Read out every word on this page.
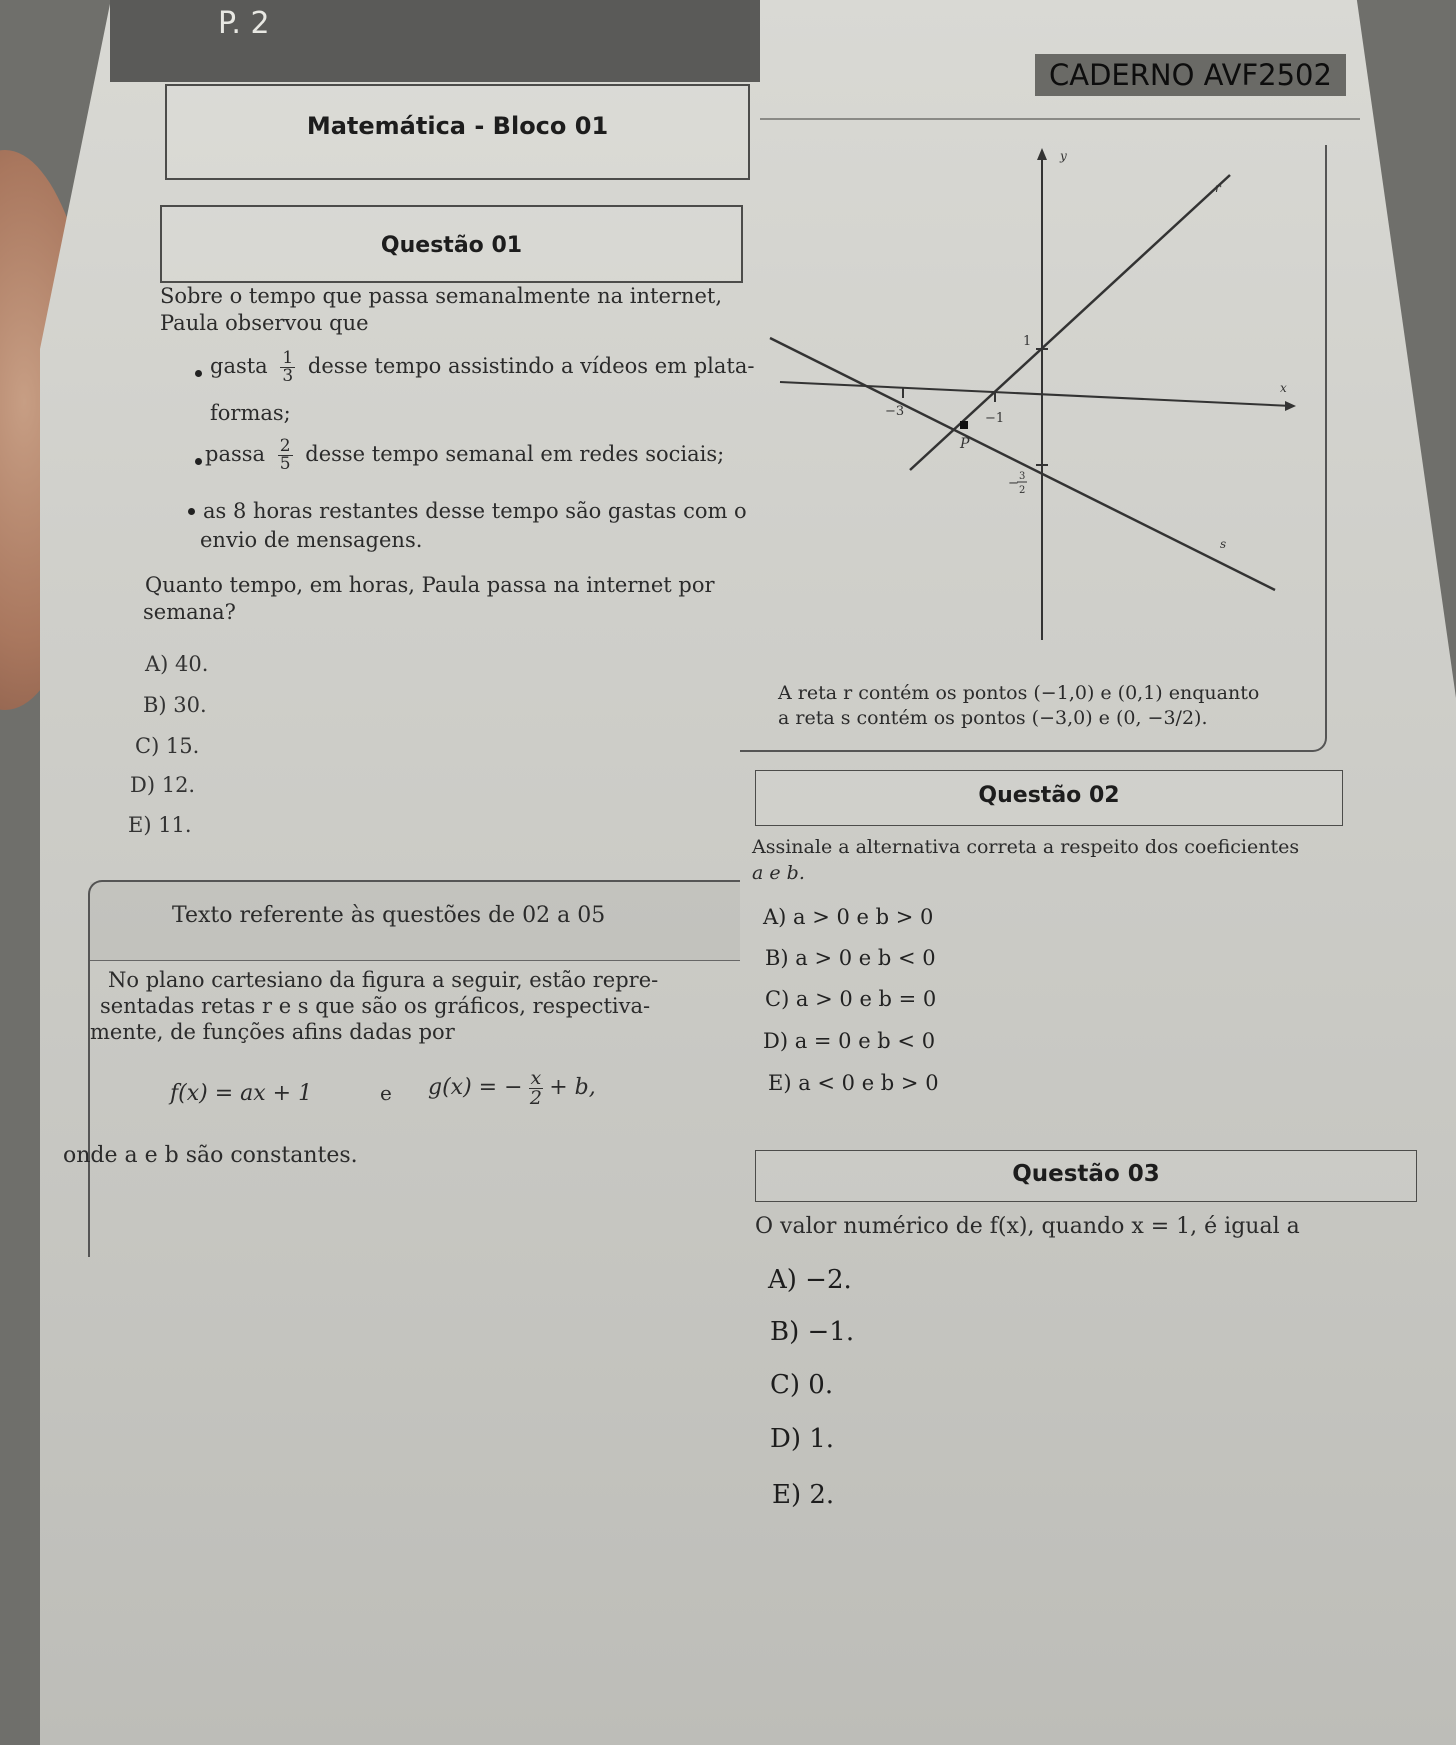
P. 2
CADERNO AVF2502
Matemática - Bloco 01
Questão 01
Sobre o tempo que passa semanalmente na internet,
Paula observou que
gasta $\frac{1}{3}$ desse tempo assistindo a vídeos em plata-
formas;
passa $\frac{2}{5}$ desse tempo semanal em redes sociais;
as 8 horas restantes desse tempo são gastas com o
envio de mensagens.
Quanto tempo, em horas, Paula passa na internet por
semana?
A) 40.
B) 30.
C) 15.
D) 12.
E) 11.
y
x
r
s
P
1
−3	−1
− 3
2
A reta r contém os pontos (−1,0) e (0,1) enquanto
a reta s contém os pontos (−3,0) e (0, −3/2).
Questão 02
Assinale a alternativa correta a respeito dos coeficientes
a e b.
A) a > 0 e b > 0
B) a > 0 e b < 0
C) a > 0 e b = 0
D) a = 0 e b < 0
E) a < 0 e b > 0
Texto referente às questões de 02 a 05
No plano cartesiano da figura a seguir, estão repre-
sentadas retas r e s que são os gráficos, respectiva-
mente, de funções afins dadas por
f(x) = ax + 1	e g(x) = − $\frac{x}{2} + b$,
onde a e b são constantes.
Questão 03
O valor numérico de f(x), quando x = 1, é igual a
A) −2.
B) −1.
C) 0.
D) 1.
E) 2.
